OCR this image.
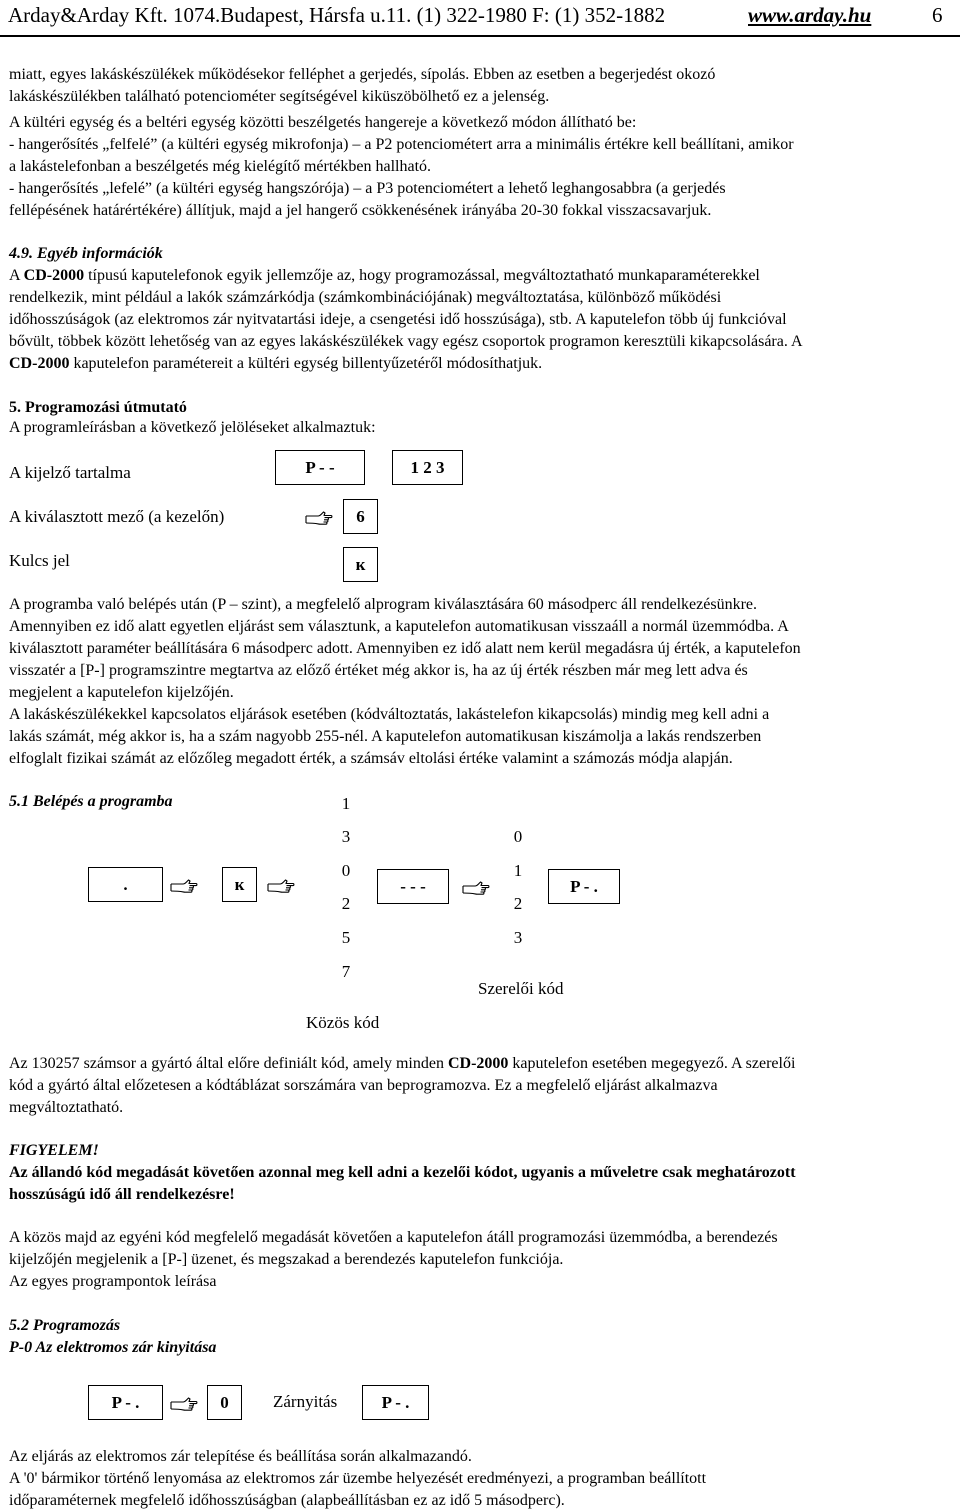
Arday&Arday Kft. 1074.Budapest, Hársfa u.11. (1) 322-1980 F: (1) 352-1882	www.arday.hu	6
miatt, egyes lakáskészülékek működésekor felléphet a gerjedés, sípolás. Ebben az esetben a begerjedést okozó
lakáskészülékben található potenciométer segítségével kiküszöbölhető ez a jelenség.
A kültéri egység és a beltéri egység közötti beszélgetés hangereje a következő módon állítható be:
- hangerősítés „felfelé” (a kültéri egység mikrofonja) – a P2 potenciométert arra a minimális értékre kell beállítani, amikor
a lakástelefonban a beszélgetés még kielégítő mértékben hallható.
- hangerősítés „lefelé” (a kültéri egység hangszórója) – a P3 potenciométert a lehető leghangosabbra (a gerjedés
fellépésének határértékére) állítjuk, majd a jel hangerő csökkenésének irányába 20-30 fokkal visszacsavarjuk.
4.9. Egyéb információk
A CD-2000 típusú kaputelefonok egyik jellemzője az, hogy programozással, megváltoztatható munkaparaméterekkel
rendelkezik, mint például a lakók számzárkódja (számkombinációjának) megváltoztatása, különböző működési
időhosszúságok (az elektromos zár nyitvatartási ideje, a csengetési idő hosszúsága), stb. A kaputelefon több új funkcióval
bővült, többek között lehetőség van az egyes lakáskészülékek vagy egész csoportok programon keresztüli kikapcsolására. A
CD-2000 kaputelefon paramétereit a kültéri egység billentyűzetéről módosíthatjuk.
5. Programozási útmutató
A programleírásban a következő jelöléseket alkalmaztuk:
A kijelző tartalma	P - -	1 2 3
A kiválasztott mező (a kezelőn)	6
Kulcs jel	к
A programba való belépés után (P – szint), a megfelelő alprogram kiválasztására 60 másodperc áll rendelkezésünkre.
Amennyiben ez idő alatt egyetlen eljárást sem választunk, a kaputelefon automatikusan visszaáll a normál üzemmódba. A
kiválasztott paraméter beállítására 6 másodperc adott. Amennyiben ez idő alatt nem kerül megadásra új érték, a kaputelefon
visszatér a [P-] programszintre megtartva az előző értéket még akkor is, ha az új érték részben már meg lett adva és
megjelent a kaputelefon kijelzőjén.
A lakáskészülékekkel kapcsolatos eljárások esetében (kódváltoztatás, lakástelefon kikapcsolás) mindig meg kell adni a
lakás számát, még akkor is, ha a szám nagyobb 255-nél. A kaputelefon automatikusan kiszámolja a lakás rendszerben
elfoglalt fizikai számát az előzőleg megadott érték, a számsáv eltolási értéke valamint a számozás módja alapján.
5.1 Belépés a programba
.	к
1
3
0
2
5
7
Közös kód
- - -
0
1
2
3
Szerelői kód
P - .
Az 130257 számsor a gyártó által előre definiált kód, amely minden CD-2000 kaputelefon esetében megegyező. A szerelői
kód a gyártó által előzetesen a kódtáblázat sorszámára van beprogramozva. Ez a megfelelő eljárást alkalmazva
megváltoztatható.
FIGYELEM!
Az állandó kód megadását követően azonnal meg kell adni a kezelői kódot, ugyanis a műveletre csak meghatározott
hosszúságú idő áll rendelkezésre!
A közös majd az egyéni kód megfelelő megadását követően a kaputelefon átáll programozási üzemmódba, a berendezés
kijelzőjén megjelenik a [P-] üzenet, és megszakad a berendezés kaputelefon funkciója.
Az egyes programpontok leírása
5.2 Programozás
P-0 Az elektromos zár kinyitása
P - .	0	Zárnyitás	P - .
Az eljárás az elektromos zár telepítése és beállítása során alkalmazandó.
A '0' bármikor történő lenyomása az elektromos zár üzembe helyezését eredményezi, a programban beállított
időparaméternek megfelelő időhosszúságban (alapbeállításban ez az idő 5 másodperc).
